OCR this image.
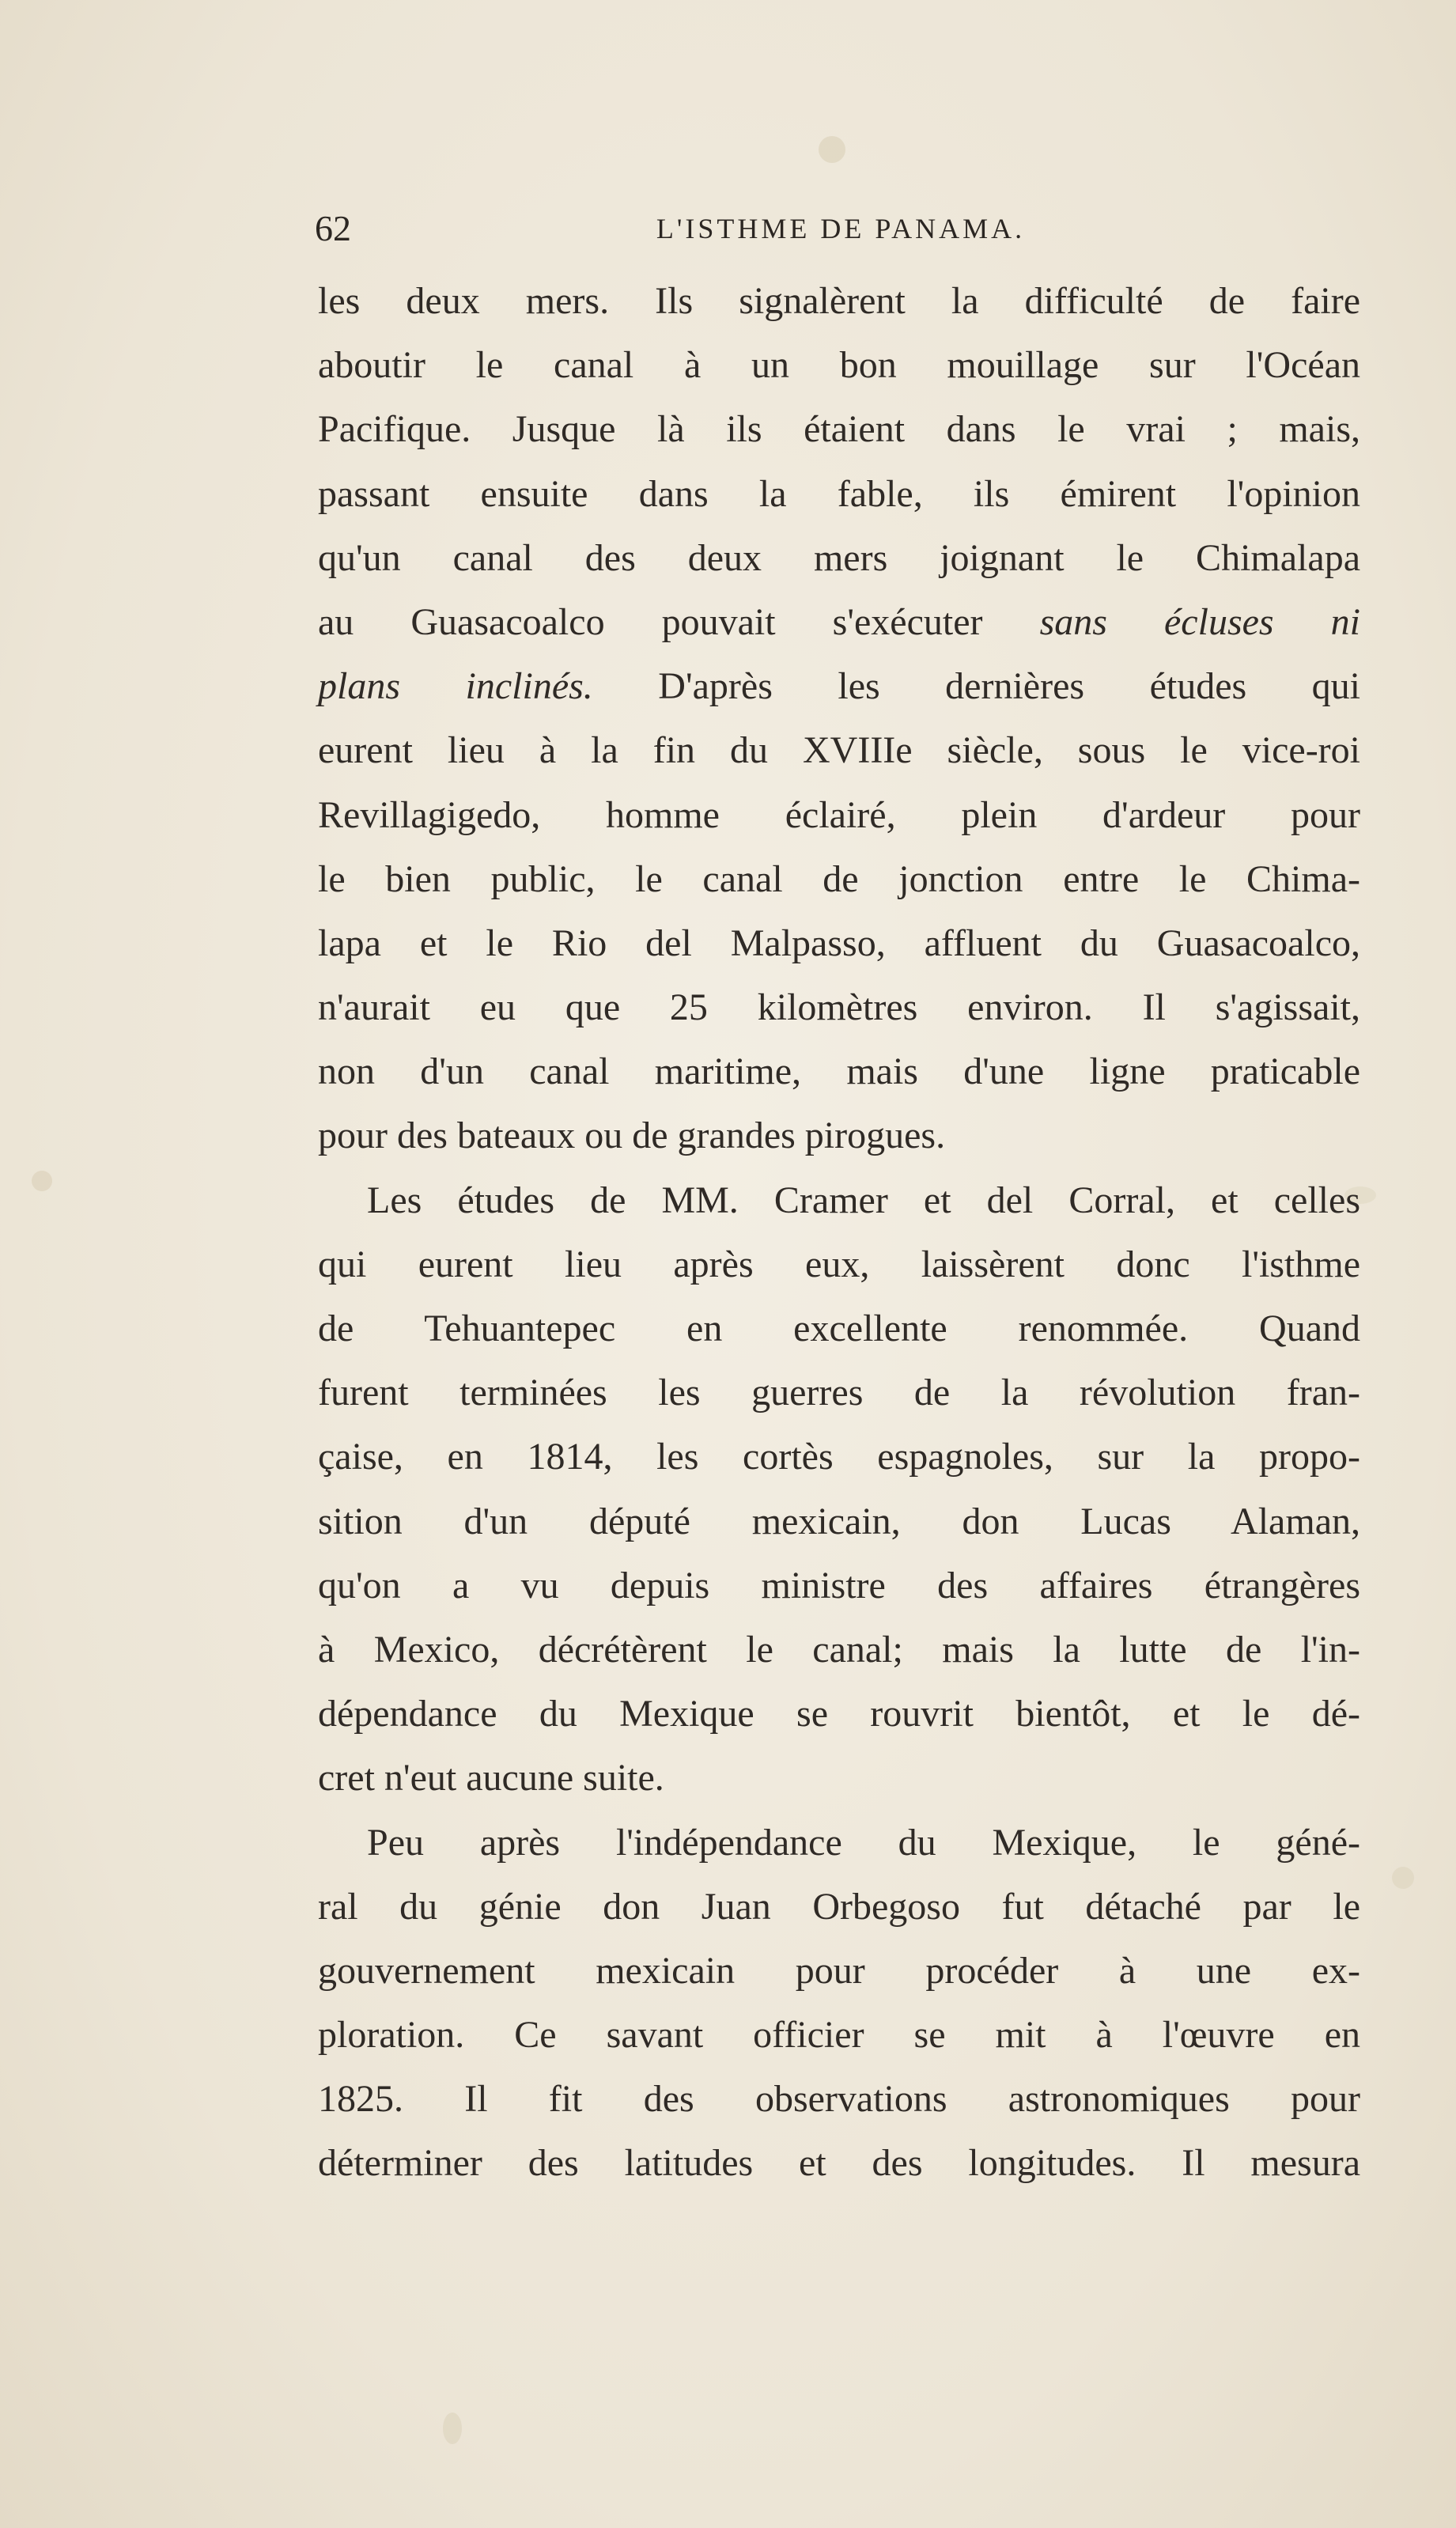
62	L'ISTHME DE PANAMA.
les deux mers. Ils signalèrent la difficulté de faire
aboutir le canal à un bon mouillage sur l'Océan
Pacifique. Jusque là ils étaient dans le vrai ; mais,
passant ensuite dans la fable, ils émirent l'opinion
qu'un canal des deux mers joignant le Chimalapa
au Guasacoalco pouvait s'exécuter sans écluses ni
plans inclinés. D'après les dernières études qui
eurent lieu à la fin du XVIIIe siècle, sous le vice-roi
Revillagigedo, homme éclairé, plein d'ardeur pour
le bien public, le canal de jonction entre le Chima-
lapa et le Rio del Malpasso, affluent du Guasacoalco,
n'aurait eu que 25 kilomètres environ. Il s'agissait,
non d'un canal maritime, mais d'une ligne praticable
pour des bateaux ou de grandes pirogues.
Les études de MM. Cramer et del Corral, et celles
qui eurent lieu après eux, laissèrent donc l'isthme
de Tehuantepec en excellente renommée. Quand
furent terminées les guerres de la révolution fran-
çaise, en 1814, les cortès espagnoles, sur la propo-
sition d'un député mexicain, don Lucas Alaman,
qu'on a vu depuis ministre des affaires étrangères
à Mexico, décrétèrent le canal; mais la lutte de l'in-
dépendance du Mexique se rouvrit bientôt, et le dé-
cret n'eut aucune suite.
Peu après l'indépendance du Mexique, le géné-
ral du génie don Juan Orbegoso fut détaché par le
gouvernement mexicain pour procéder à une ex-
ploration. Ce savant officier se mit à l'œuvre en
1825. Il fit des observations astronomiques pour
déterminer des latitudes et des longitudes. Il mesura
